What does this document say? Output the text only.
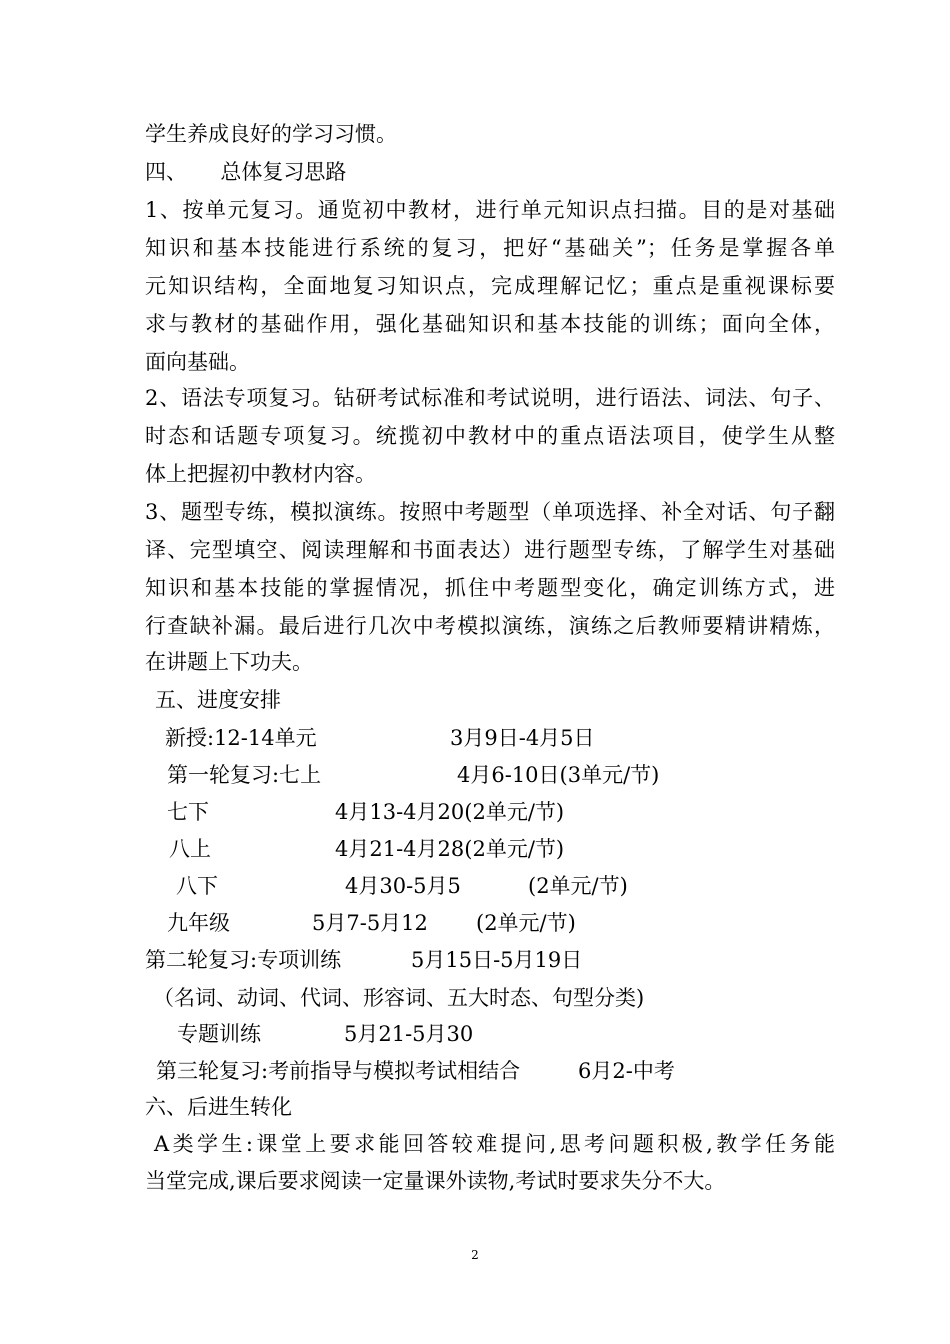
学生养成良好的学习习惯。
四、     总体复习思路
1、按单元复习。通览初中教材，进行单元知识点扫描。目的是对基础
知识和基本技能进行系统的复习，把好“基础关”；任务是掌握各单
元知识结构，全面地复习知识点，完成理解记忆；重点是重视课标要
求与教材的基础作用，强化基础知识和基本技能的训练；面向全体，
面向基础。
2、语法专项复习。钻研考试标准和考试说明，进行语法、词法、句子、
时态和话题专项复习。统揽初中教材中的重点语法项目，使学生从整
体上把握初中教材内容。
3、题型专练，模拟演练。按照中考题型（单项选择、补全对话、句子翻
译、完型填空、阅读理解和书面表达）进行题型专练，了解学生对基础
知识和基本技能的掌握情况，抓住中考题型变化，确定训练方式，进
行查缺补漏。最后进行几次中考模拟演练，演练之后教师要精讲精炼，
在讲题上下功夫。
五、进度安排
新授:12-14单元	3月9日-4月5日
第一轮复习:七上	4月6-10日(3单元/节)
七下	4月13-4月20(2单元/节)
八上	4月21-4月28(2单元/节)
八下	4月30-5月5	(2单元/节)
九年级	5月7-5月12 (2单元/节)
第二轮复习:专项训练	5月15日-5月19日
（名词、动词、代词、形容词、五大时态、句型分类)
专题训练	5月21-5月30
第三轮复习:考前指导与模拟考试相结合	6月2-中考
六、后进生转化
A类学生:课堂上要求能回答较难提问,思考问题积极,教学任务能
当堂完成,课后要求阅读一定量课外读物,考试时要求失分不大。
2
